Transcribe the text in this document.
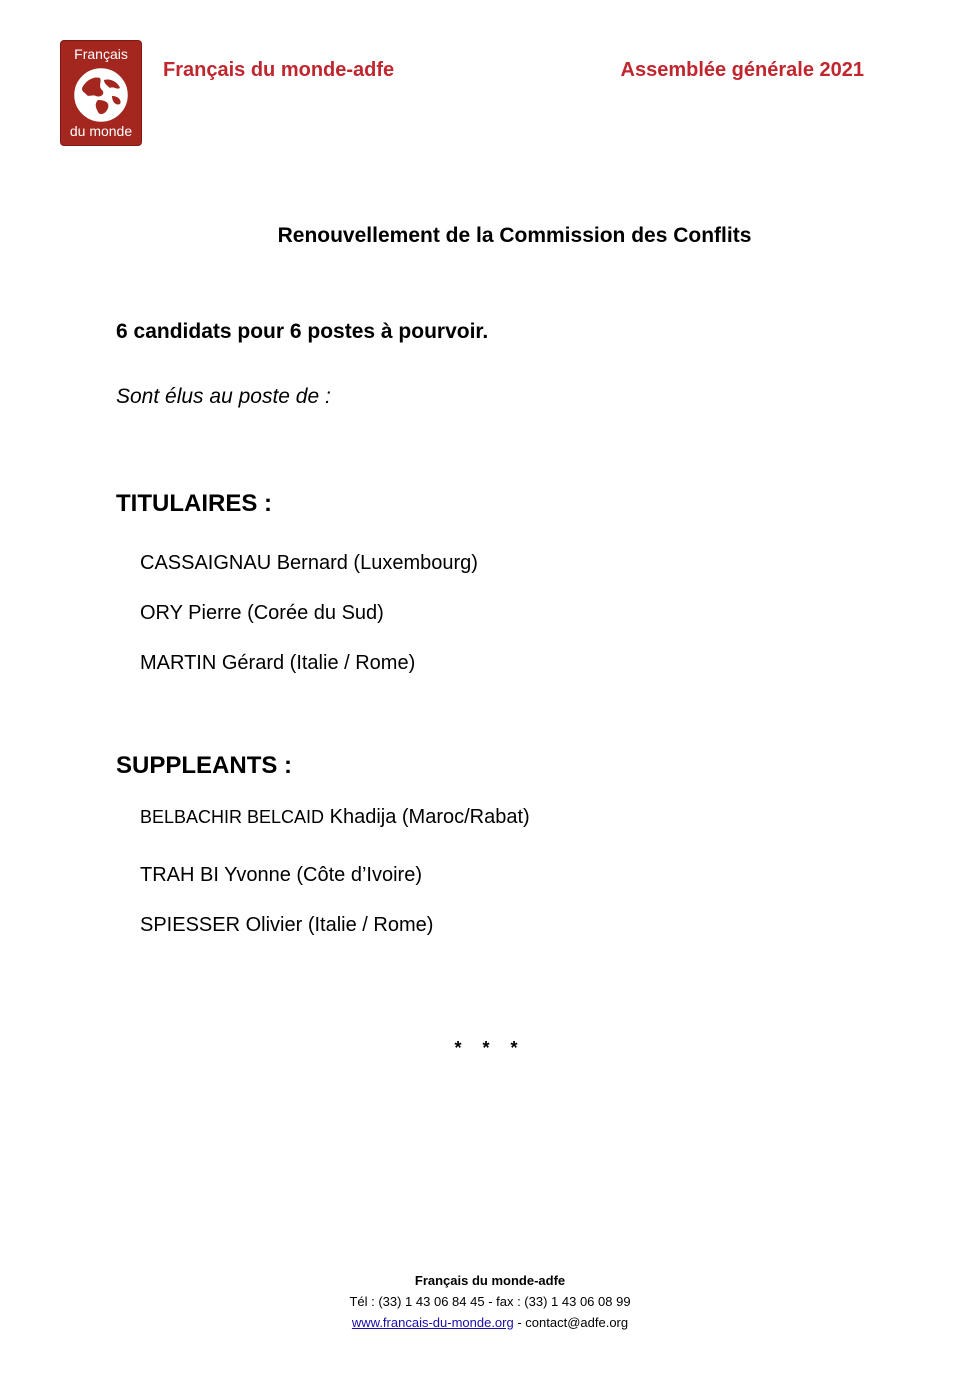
Français
du monde
Français du monde-adfe	Assemblée générale 2021
Renouvellement de la Commission des Conflits
6 candidats pour 6 postes à pourvoir.
Sont élus au poste de :
TITULAIRES :
CASSAIGNAU Bernard (Luxembourg)
ORY Pierre (Corée du Sud)
MARTIN Gérard (Italie / Rome)
SUPPLEANTS :
BELBACHIR BELCAID Khadija (Maroc/Rabat)
TRAH BI Yvonne (Côte d’Ivoire)
SPIESSER Olivier (Italie / Rome)
* * *
Français du monde-adfe
Tél : (33) 1 43 06 84 45 - fax : (33) 1 43 06 08 99
www.francais-du-monde.org - contact@adfe.org
